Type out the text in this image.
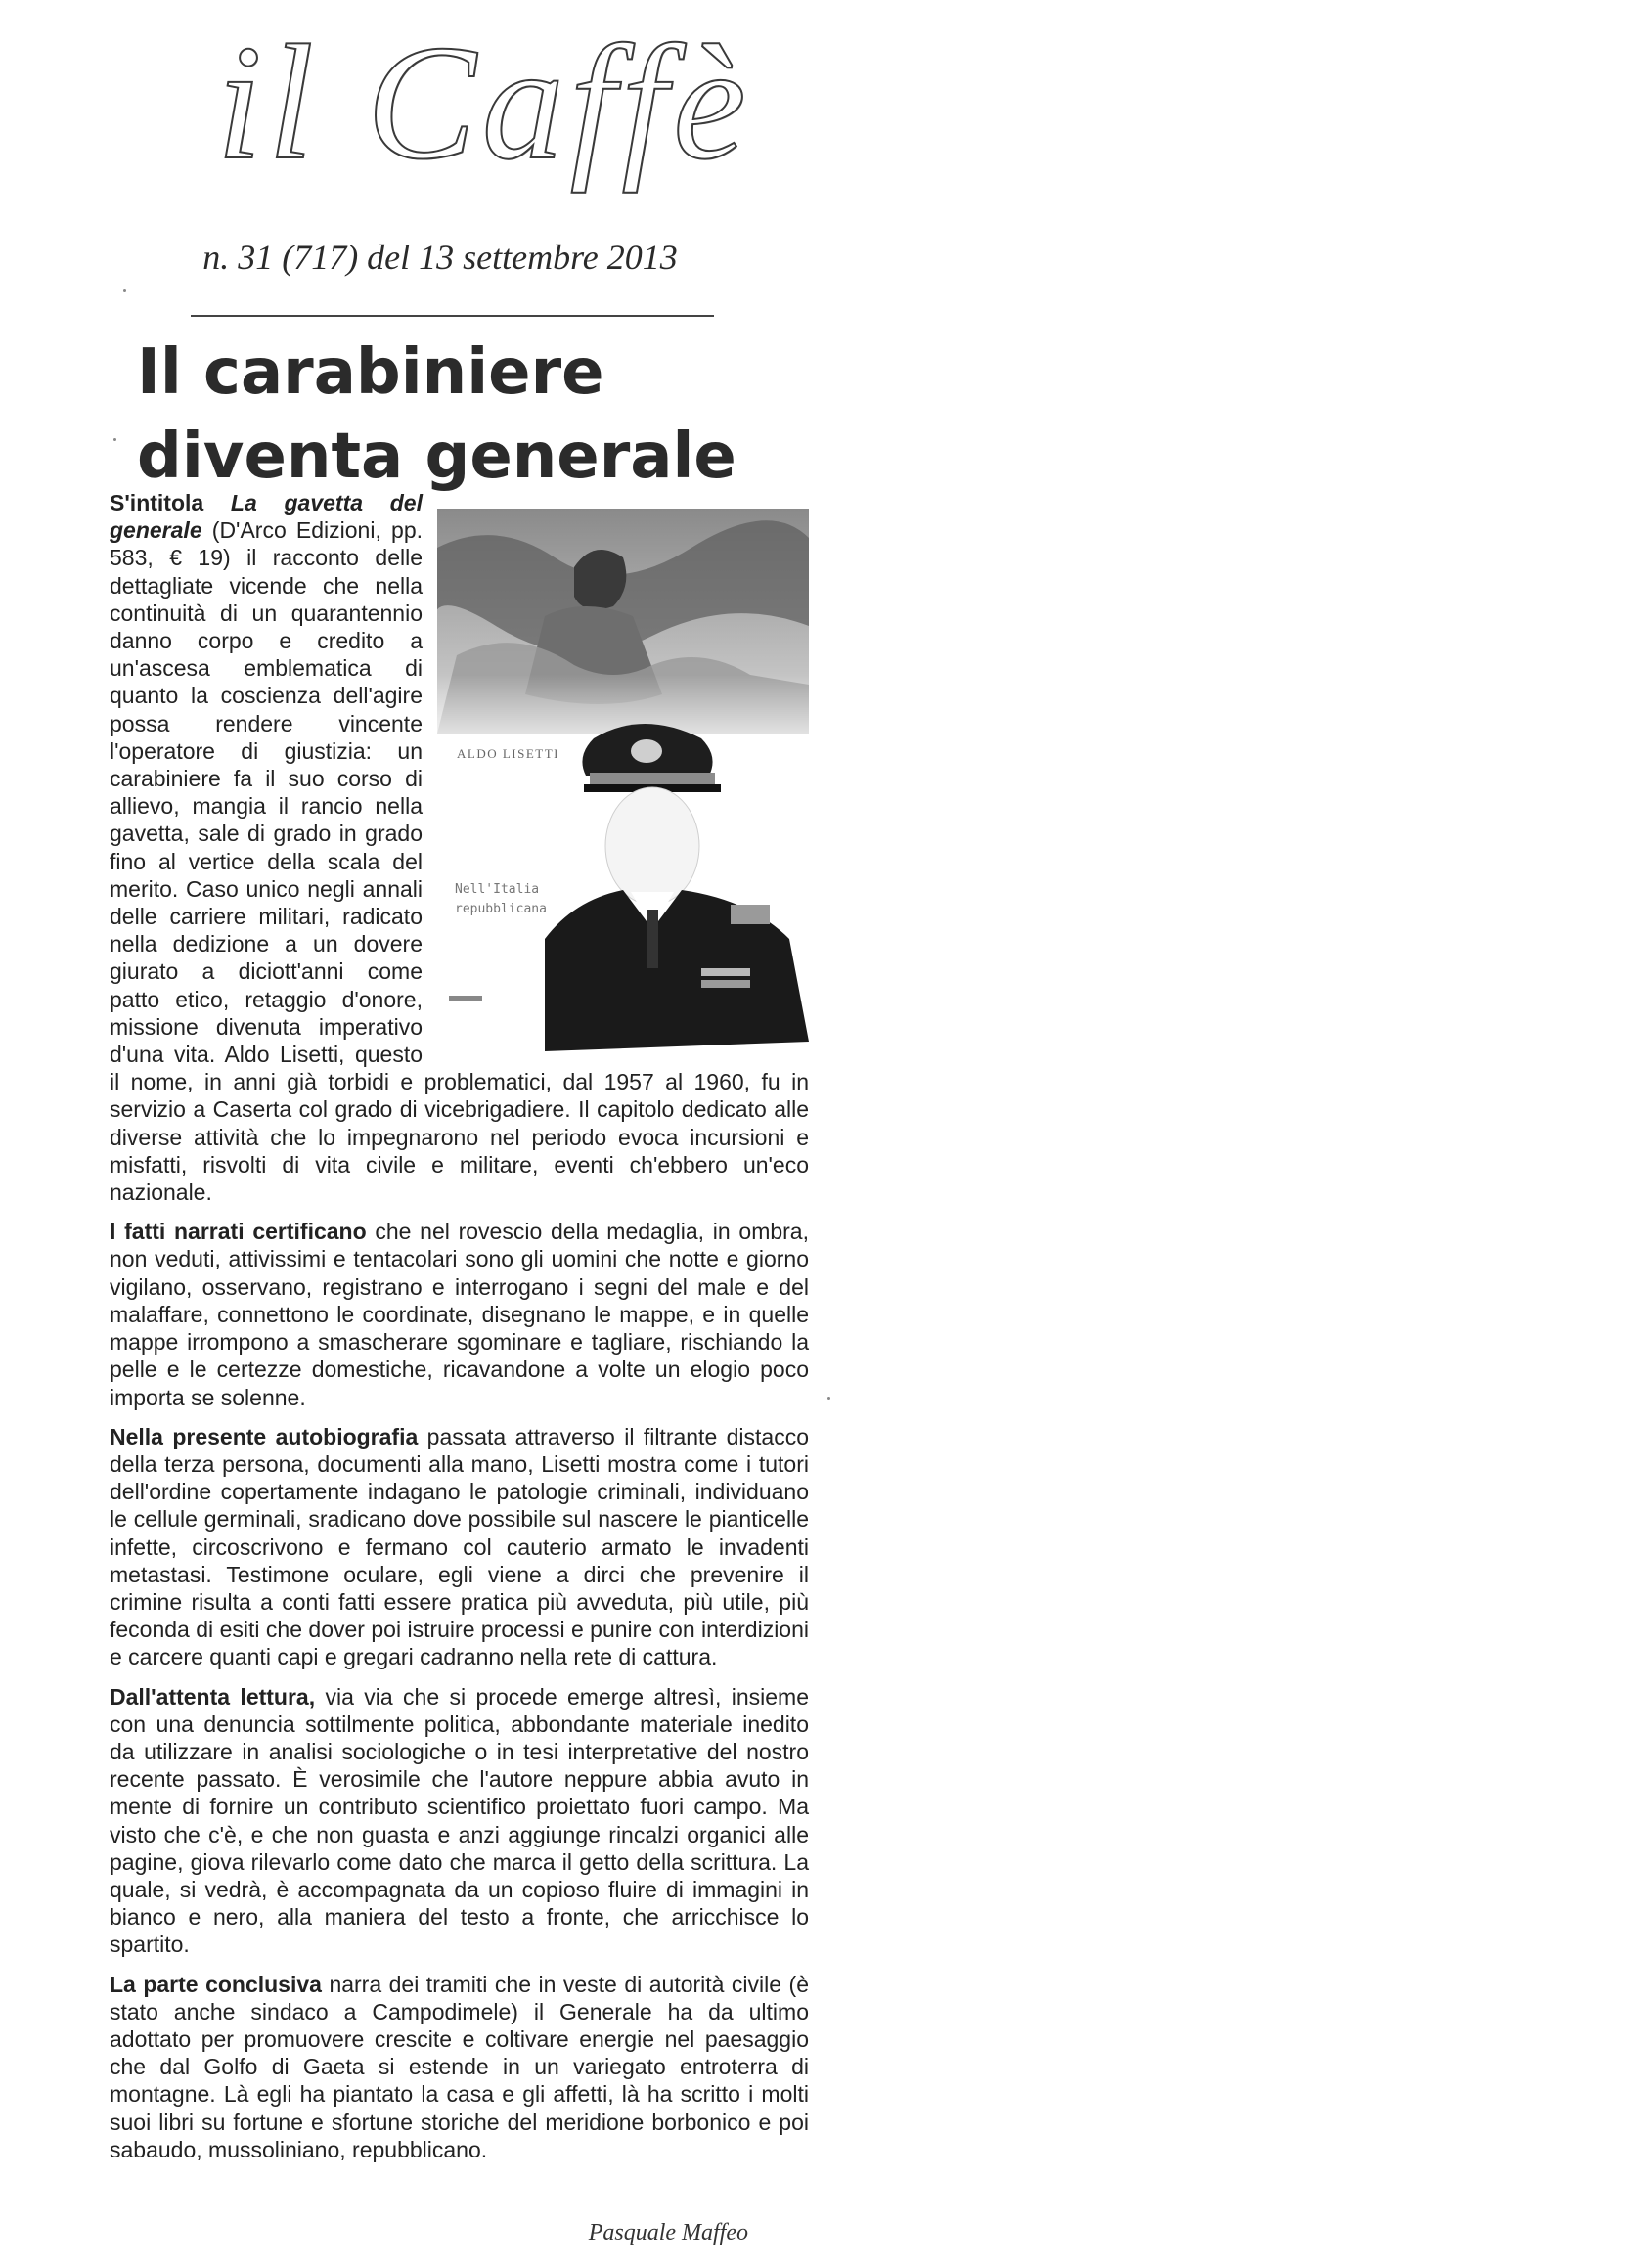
il Caffè
n. 31 (717) del 13 settembre 2013
Il carabiniere
diventa generale
ALDO LISETTI
Nell'Italia
repubblicana

S'intitola La gavetta del generale (D'Arco Edizioni, pp. 583, € 19) il racconto delle dettagliate vicende che nella continuità di un quarantennio danno corpo e credito a un'ascesa emblematica di quanto la coscienza dell'agire possa rendere vincente l'operatore di giustizia: un carabiniere fa il suo corso di allievo, mangia il rancio nella gavetta, sale di grado in grado fino al vertice della scala del merito. Caso unico negli annali delle carriere militari, radicato nella dedizione a un dovere giurato a diciott'anni come patto etico, retaggio d'onore, missione divenuta imperativo d'una vita. Aldo Lisetti, questo il nome, in anni già torbidi e problematici, dal 1957 al 1960, fu in servizio a Caserta col grado di vicebrigadiere. Il capitolo dedicato alle diverse attività che lo impegnarono nel periodo evoca incursioni e misfatti, risvolti di vita civile e militare, eventi ch'ebbero un'eco nazionale.

I fatti narrati certificano che nel rovescio della medaglia, in ombra, non veduti, attivissimi e tentacolari sono gli uomini che notte e giorno vigilano, osservano, registrano e interrogano i segni del male e del malaffare, connettono le coordinate, disegnano le mappe, e in quelle mappe irrompono a smascherare sgominare e tagliare, rischiando la pelle e le certezze domestiche, ricavandone a volte un elogio poco importa se solenne.

Nella presente autobiografia passata attraverso il filtrante distacco della terza persona, documenti alla mano, Lisetti mostra come i tutori dell'ordine copertamente indagano le patologie criminali, individuano le cellule germinali, sradicano dove possibile sul nascere le pianticelle infette, circoscrivono e fermano col cauterio armato le invadenti metastasi. Testimone oculare, egli viene a dirci che prevenire il crimine risulta a conti fatti essere pratica più avveduta, più utile, più feconda di esiti che dover poi istruire processi e punire con interdizioni e carcere quanti capi e gregari cadranno nella rete di cattura.

Dall'attenta lettura, via via che si procede emerge altresì, insieme con una denuncia sottilmente politica, abbondante materiale inedito da utilizzare in analisi sociologiche o in tesi interpretative del nostro recente passato. È verosimile che l'autore neppure abbia avuto in mente di fornire un contributo scientifico proiettato fuori campo. Ma visto che c'è, e che non guasta e anzi aggiunge rincalzi organici alle pagine, giova rilevarlo come dato che marca il getto della scrittura. La quale, si vedrà, è accompagnata da un copioso fluire di immagini in bianco e nero, alla maniera del testo a fronte, che arricchisce lo spartito.

La parte conclusiva narra dei tramiti che in veste di autorità civile (è stato anche sindaco a Campodimele) il Generale ha da ultimo adottato per promuovere crescite e coltivare energie nel paesaggio che dal Golfo di Gaeta si estende in un variegato entroterra di montagne. Là egli ha piantato la casa e gli affetti, là ha scritto i molti suoi libri su fortune e sfortune storiche del meridione borbonico e poi sabaudo, mussoliniano, repubblicano.

Pasquale Maffeo
